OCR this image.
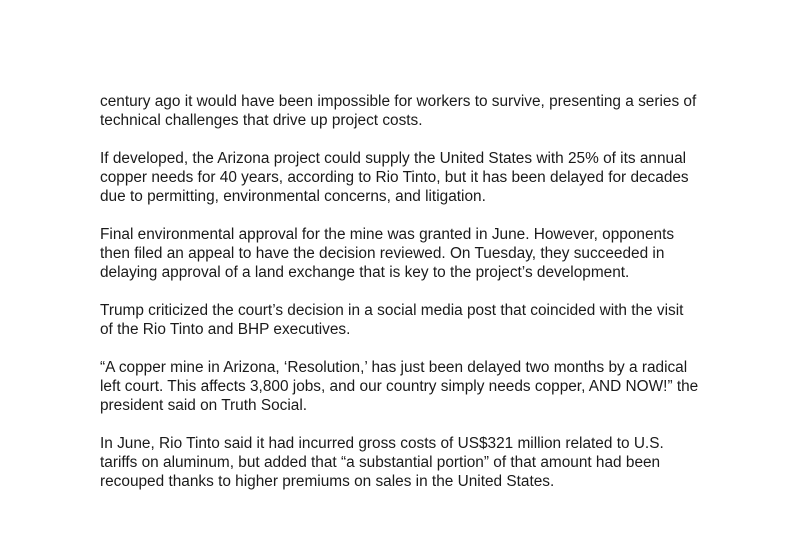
century ago it would have been impossible for workers to survive, presenting a series of
technical challenges that drive up project costs.

If developed, the Arizona project could supply the United States with 25% of its annual
copper needs for 40 years, according to Rio Tinto, but it has been delayed for decades
due to permitting, environmental concerns, and litigation.

Final environmental approval for the mine was granted in June. However, opponents
then filed an appeal to have the decision reviewed. On Tuesday, they succeeded in
delaying approval of a land exchange that is key to the project’s development.

Trump criticized the court’s decision in a social media post that coincided with the visit
of the Rio Tinto and BHP executives.

“A copper mine in Arizona, ‘Resolution,’ has just been delayed two months by a radical
left court. This affects 3,800 jobs, and our country simply needs copper, AND NOW!” the
president said on Truth Social.

In June, Rio Tinto said it had incurred gross costs of US$321 million related to U.S.
tariffs on aluminum, but added that “a substantial portion” of that amount had been
recouped thanks to higher premiums on sales in the United States.
